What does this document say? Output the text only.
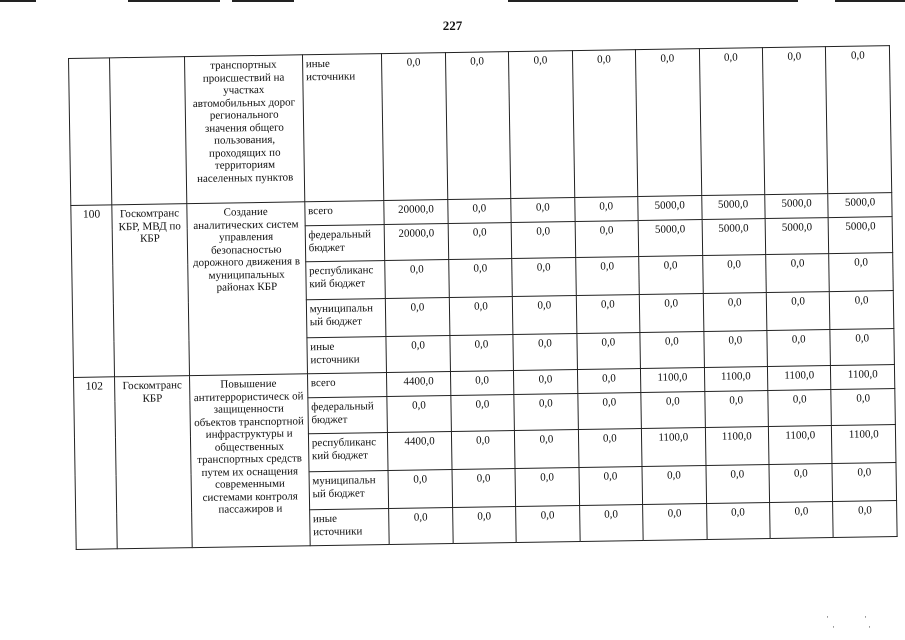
227
		транспортных происшествий на участках автомобильных дорог регионального значения общего пользования, проходящих по территориям населенных пунктов	иные источники	0,0	0,0	0,0	0,0	0,0	0,0	0,0	0,0
100	Госкомтранс КБР, МВД по КБР	Создание аналитических систем управления безопасностью дорожного движения в муниципальных районах КБР	всего	20000,0	0,0	0,0	0,0	5000,0	5000,0	5000,0	5000,0
			федеральный бюджет	20000,0	0,0	0,0	0,0	5000,0	5000,0	5000,0	5000,0
			республиканс кий бюджет	0,0	0,0	0,0	0,0	0,0	0,0	0,0	0,0
			муниципальн ый бюджет	0,0	0,0	0,0	0,0	0,0	0,0	0,0	0,0
			иные источники	0,0	0,0	0,0	0,0	0,0	0,0	0,0	0,0
102	Госкомтранс КБР	Повышение антитеррористическ ой защищенности объектов транспортной инфраструктуры и общественных транспортных средств путем их оснащения современными системами контроля пассажиров и	всего	4400,0	0,0	0,0	0,0	1100,0	1100,0	1100,0	1100,0
			федеральный бюджет	0,0	0,0	0,0	0,0	0,0	0,0	0,0	0,0
			республиканс кий бюджет	4400,0	0,0	0,0	0,0	1100,0	1100,0	1100,0	1100,0
			муниципальн ый бюджет	0,0	0,0	0,0	0,0	0,0	0,0	0,0	0,0
			иные источники	0,0	0,0	0,0	0,0	0,0	0,0	0,0	0,0
·	·
·	·
